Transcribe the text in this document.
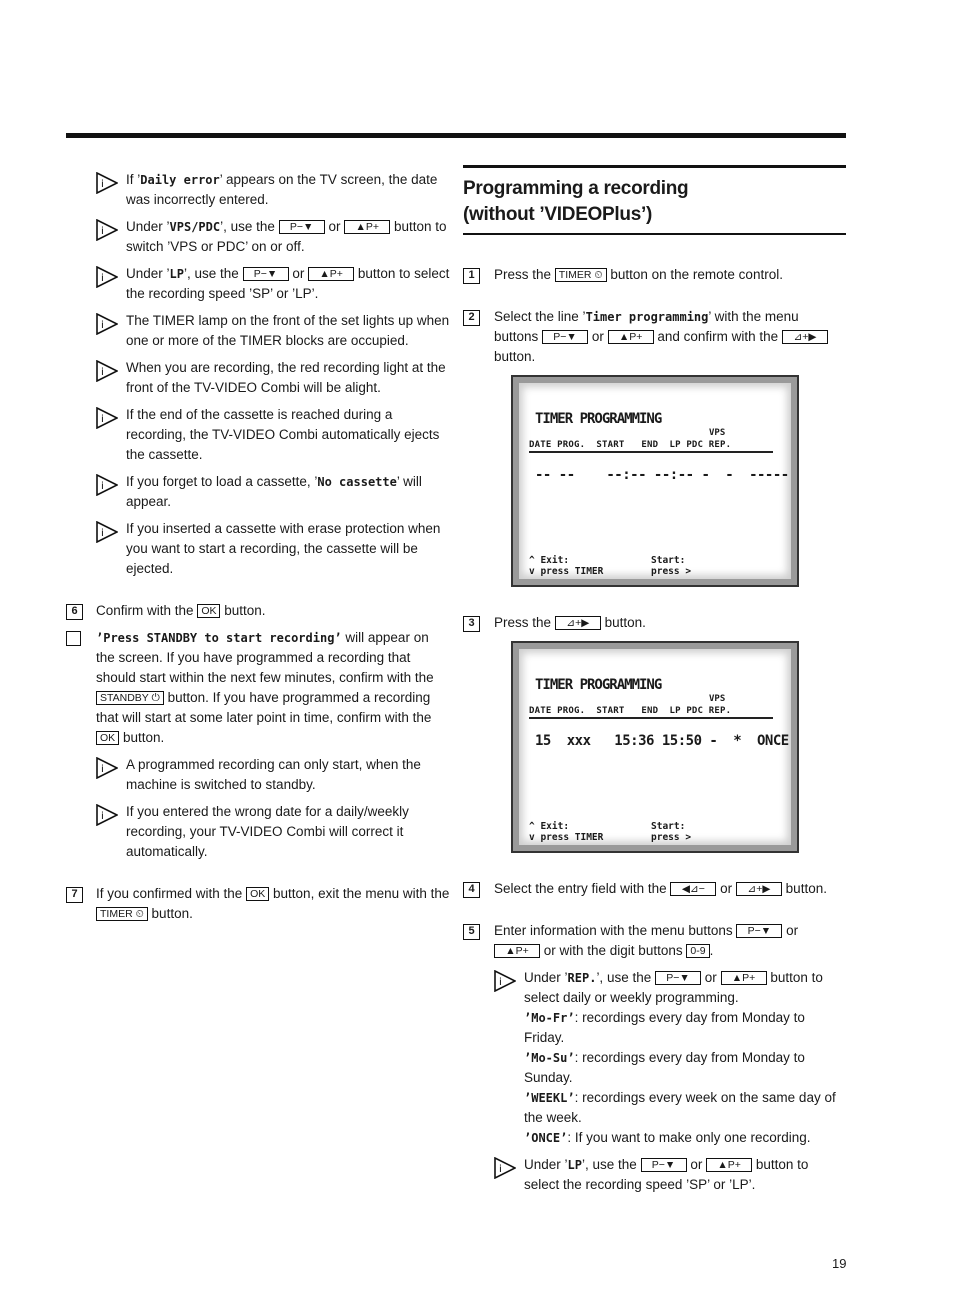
i If ’Daily error’ appears on the TV screen, the date was incorrectly entered.
i Under ’VPS/PDC’, use the P−▼ or ▲P+ button to switch ’VPS or PDC’ on or off.
i Under ’LP’, use the P−▼ or ▲P+ button to select the recording speed ’SP’ or ’LP’.
i The TIMER lamp on the front of the set lights up when one or more of the TIMER blocks are occupied.
i When you are recording, the red recording light at the front of the TV-VIDEO Combi will be alight.
i If the end of the cassette is reached during a recording, the TV-VIDEO Combi automatically ejects the cassette.
i If you forget to load a cassette, ’No cassette’ will appear.
i If you inserted a cassette with erase protection when you want to start a recording, the cassette will be ejected.
6	Confirm with the OK button.
’Press STANDBY to start recording’ will appear on the screen. If you have programmed a recording that should start within the next few minutes, confirm with the STANDBY ⏻ button. If you have programmed a recording that will start at some later point in time, confirm with the OK button.
i A programmed recording can only start, when the machine is switched to standby.
i If you entered the wrong date for a daily/weekly recording, your TV-VIDEO Combi will correct it automatically.
7	If you confirmed with the OK button, exit the menu with the TIMER ⏲ button.
Programming a recording
(without ’VIDEOPlus’)
1	Press the TIMER ⏲ button on the remote control.
2	Select the line ’Timer programming’ with the menu buttons P−▼ or ▲P+ and confirm with the ⊿+▶ button.
TIMER PROGRAMMING
VPS
DATE PROG.  START   END  LP PDC REP.
-- --    --:-- --:-- -  -  -----
^ Exit:
v press TIMER
Start:
press >
3	Press the ⊿+▶ button.
TIMER PROGRAMMING
VPS
DATE PROG.  START   END  LP PDC REP.
15  xxx   15:36 15:50 -  *  ONCE
^ Exit:
v press TIMER
Start:
press >
4	Select the entry field with the ◀⊿− or ⊿+▶ button.
5	Enter information with the menu buttons P−▼ or ▲P+ or with the digit buttons 0-9 .
i Under ’REP.’, use the P−▼ or ▲P+ button to select daily or weekly programming.
’Mo-Fr’: recordings every day from Monday to Friday.
’Mo-Su’: recordings every day from Monday to Sunday.
’WEEKL’: recordings every week on the same day of the week.
’ONCE’: If you want to make only one recording.
i Under ’LP’, use the P−▼ or ▲P+ button to select the recording speed ’SP’ or ’LP’.
19
